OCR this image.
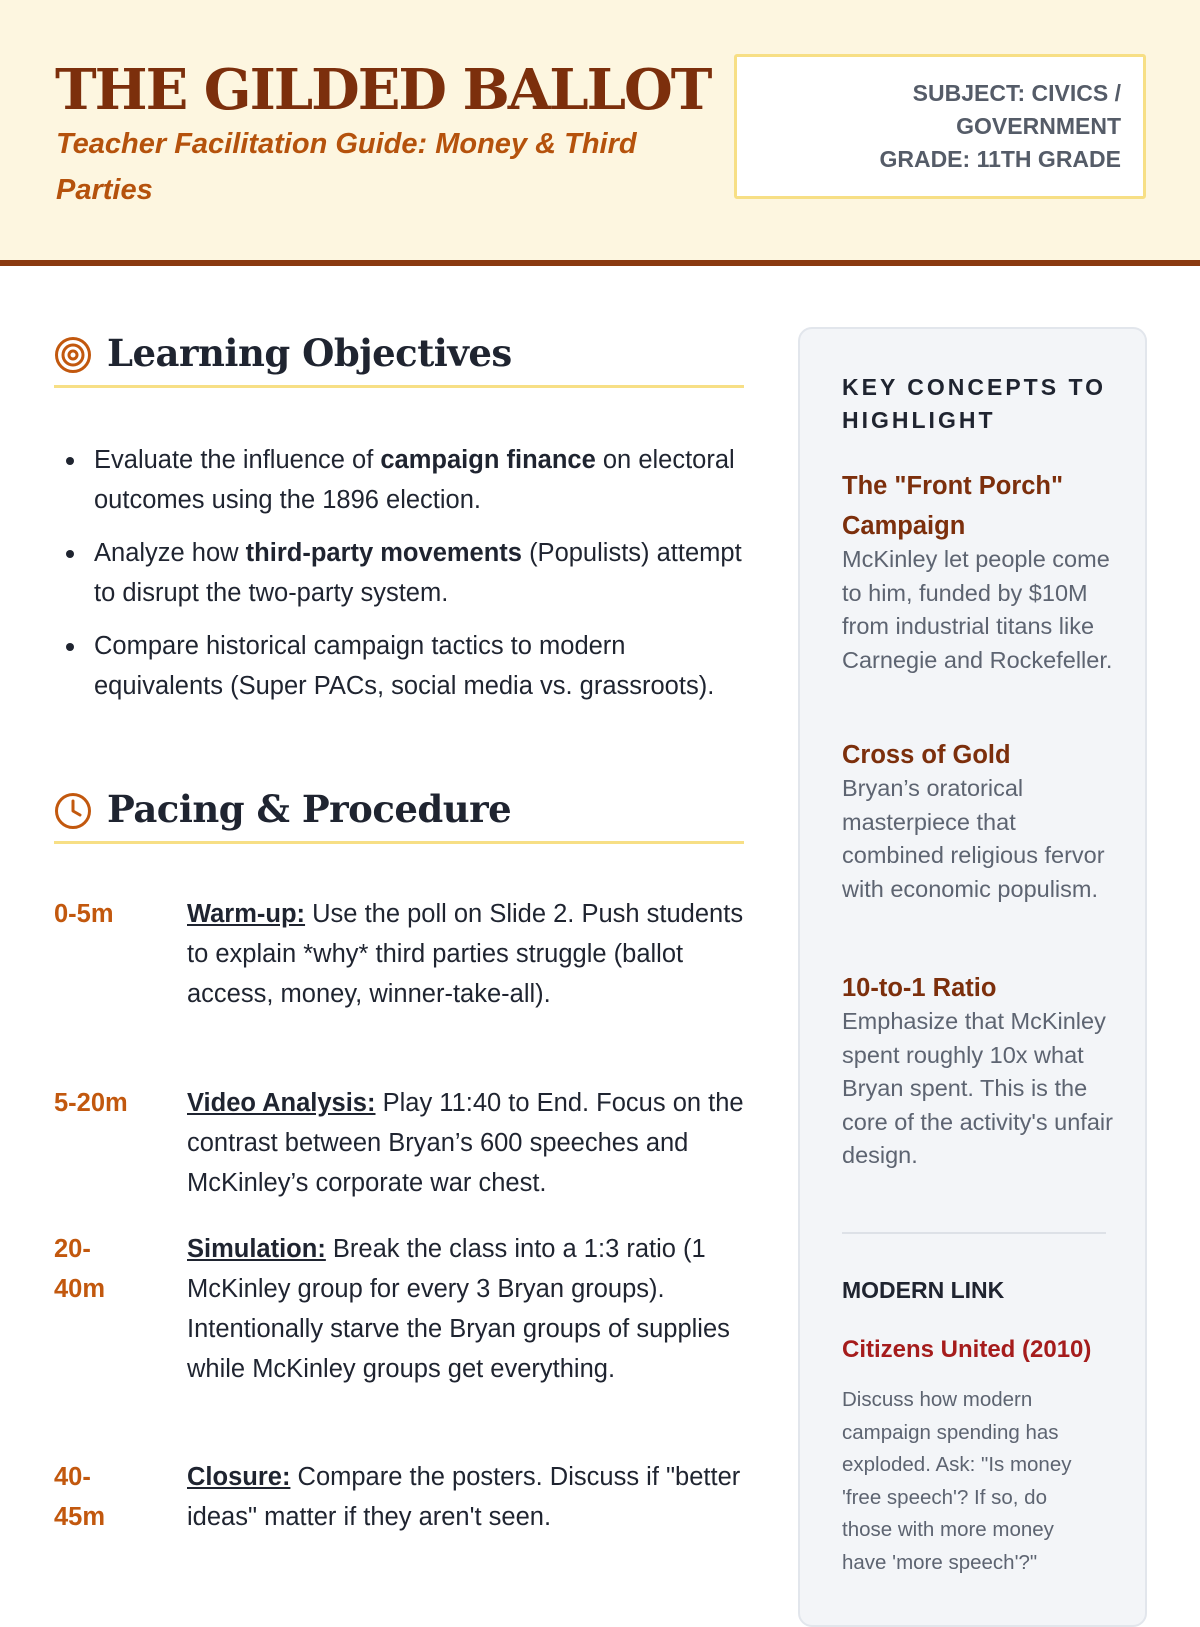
THE GILDED BALLOT
Teacher Facilitation Guide: Money & Third Parties
SUBJECT: CIVICS / GOVERNMENT
GRADE: 11TH GRADE
Learning Objectives
Evaluate the influence of campaign finance on electoral outcomes using the 1896 election.
Analyze how third-party movements (Populists) attempt to disrupt the two-party system.
Compare historical campaign tactics to modern equivalents (Super PACs, social media vs. grassroots).
Pacing & Procedure
0-5m	Warm-up: Use the poll on Slide 2. Push students to explain *why* third parties struggle (ballot access, money, winner-take-all).
5-20m	Video Analysis: Play 11:40 to End. Focus on the contrast between Bryan’s 600 speeches and McKinley’s corporate war chest.
20-40m
Simulation: Break the class into a 1:3 ratio (1 McKinley group for every 3 Bryan groups). Intentionally starve the Bryan groups of supplies while McKinley groups get everything.
40-45m
Closure: Compare the posters. Discuss if "better ideas" matter if they aren't seen.
KEY CONCEPTS TO HIGHLIGHT
The "Front Porch" Campaign

McKinley let people come to him, funded by $10M from industrial titans like Carnegie and Rockefeller.

Cross of Gold

Bryan’s oratorical masterpiece that combined religious fervor with economic populism.

10-to-1 Ratio

Emphasize that McKinley spent roughly 10x what Bryan spent. This is the core of the activity's unfair design.

MODERN LINK
Citizens United (2010)
Discuss how modern campaign spending has exploded. Ask: "Is money 'free speech'? If so, do those with more money have 'more speech'?"
